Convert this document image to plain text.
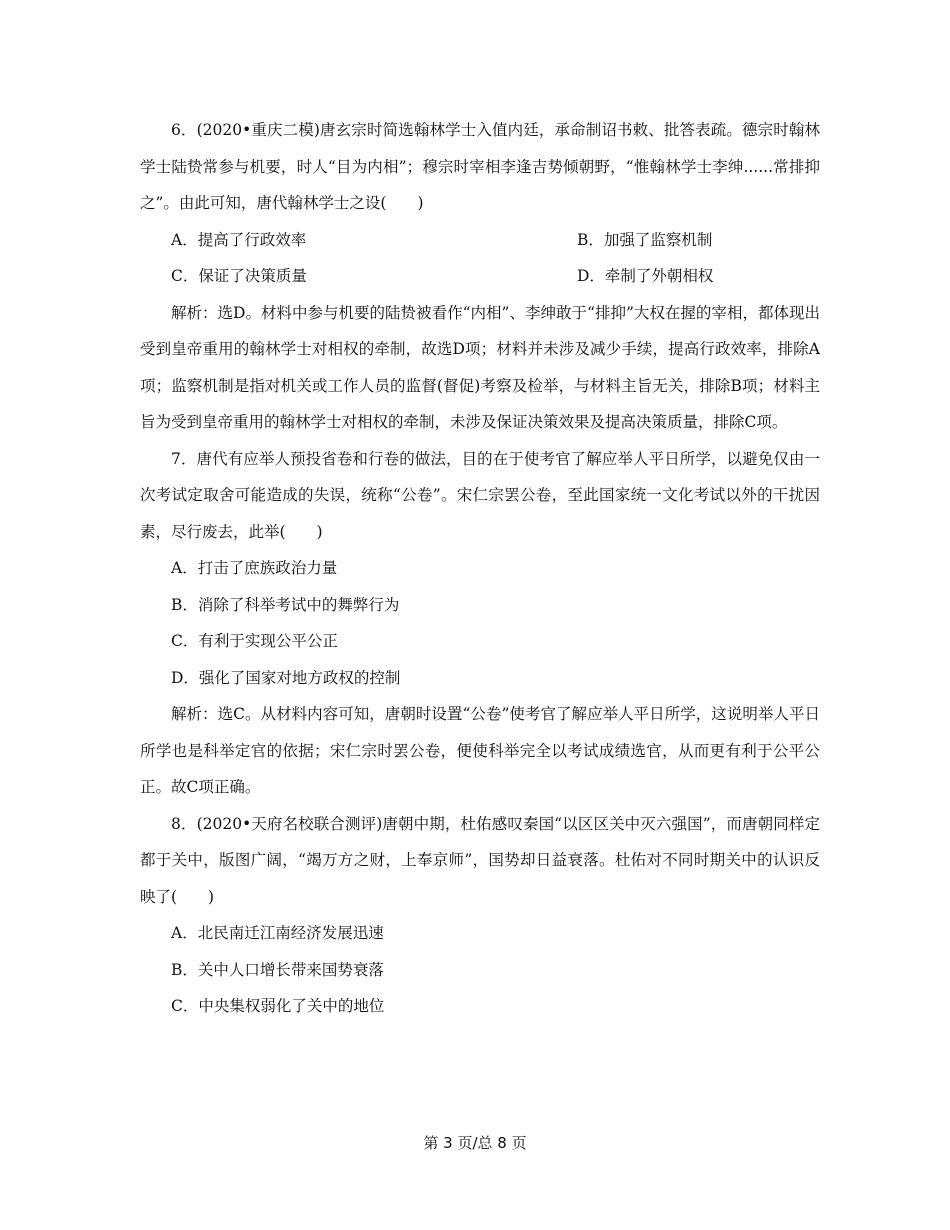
6．(2020•重庆二模)唐玄宗时简选翰林学士入值内廷，承命制诏书敕、批答表疏。德宗时翰林学士陆贽常参与机要，时人“目为内相”；穆宗时宰相李逢吉势倾朝野，“惟翰林学士李绅......常排抑之”。由此可知，唐代翰林学士之设(　　)

A．提高了行政效率	B．加强了监察机制
C．保证了决策质量	D．牵制了外朝相权

解析：选D。材料中参与机要的陆贽被看作“内相”、李绅敢于“排抑”大权在握的宰相，都体现出受到皇帝重用的翰林学士对相权的牵制，故选D项；材料并未涉及减少手续，提高行政效率，排除A项；监察机制是指对机关或工作人员的监督(督促)考察及检举，与材料主旨无关，排除B项；材料主旨为受到皇帝重用的翰林学士对相权的牵制，未涉及保证决策效果及提高决策质量，排除C项。

7．唐代有应举人预投省卷和行卷的做法，目的在于使考官了解应举人平日所学，以避免仅由一次考试定取舍可能造成的失误，统称“公卷”。宋仁宗罢公卷，至此国家统一文化考试以外的干扰因素，尽行废去，此举(　　)

A．打击了庶族政治力量

B．消除了科举考试中的舞弊行为

C．有利于实现公平公正

D．强化了国家对地方政权的控制

解析：选C。从材料内容可知，唐朝时设置“公卷”使考官了解应举人平日所学，这说明举人平日所学也是科举定官的依据；宋仁宗时罢公卷，便使科举完全以考试成绩选官，从而更有利于公平公正。故C项正确。

8．(2020•天府名校联合测评)唐朝中期，杜佑感叹秦国“以区区关中灭六强国”，而唐朝同样定都于关中，版图广阔，“竭万方之财，上奉京师”，国势却日益衰落。杜佑对不同时期关中的认识反映了(　　)

A．北民南迁江南经济发展迅速

B．关中人口增长带来国势衰落

C．中央集权弱化了关中的地位

第 3 页/总 8 页
